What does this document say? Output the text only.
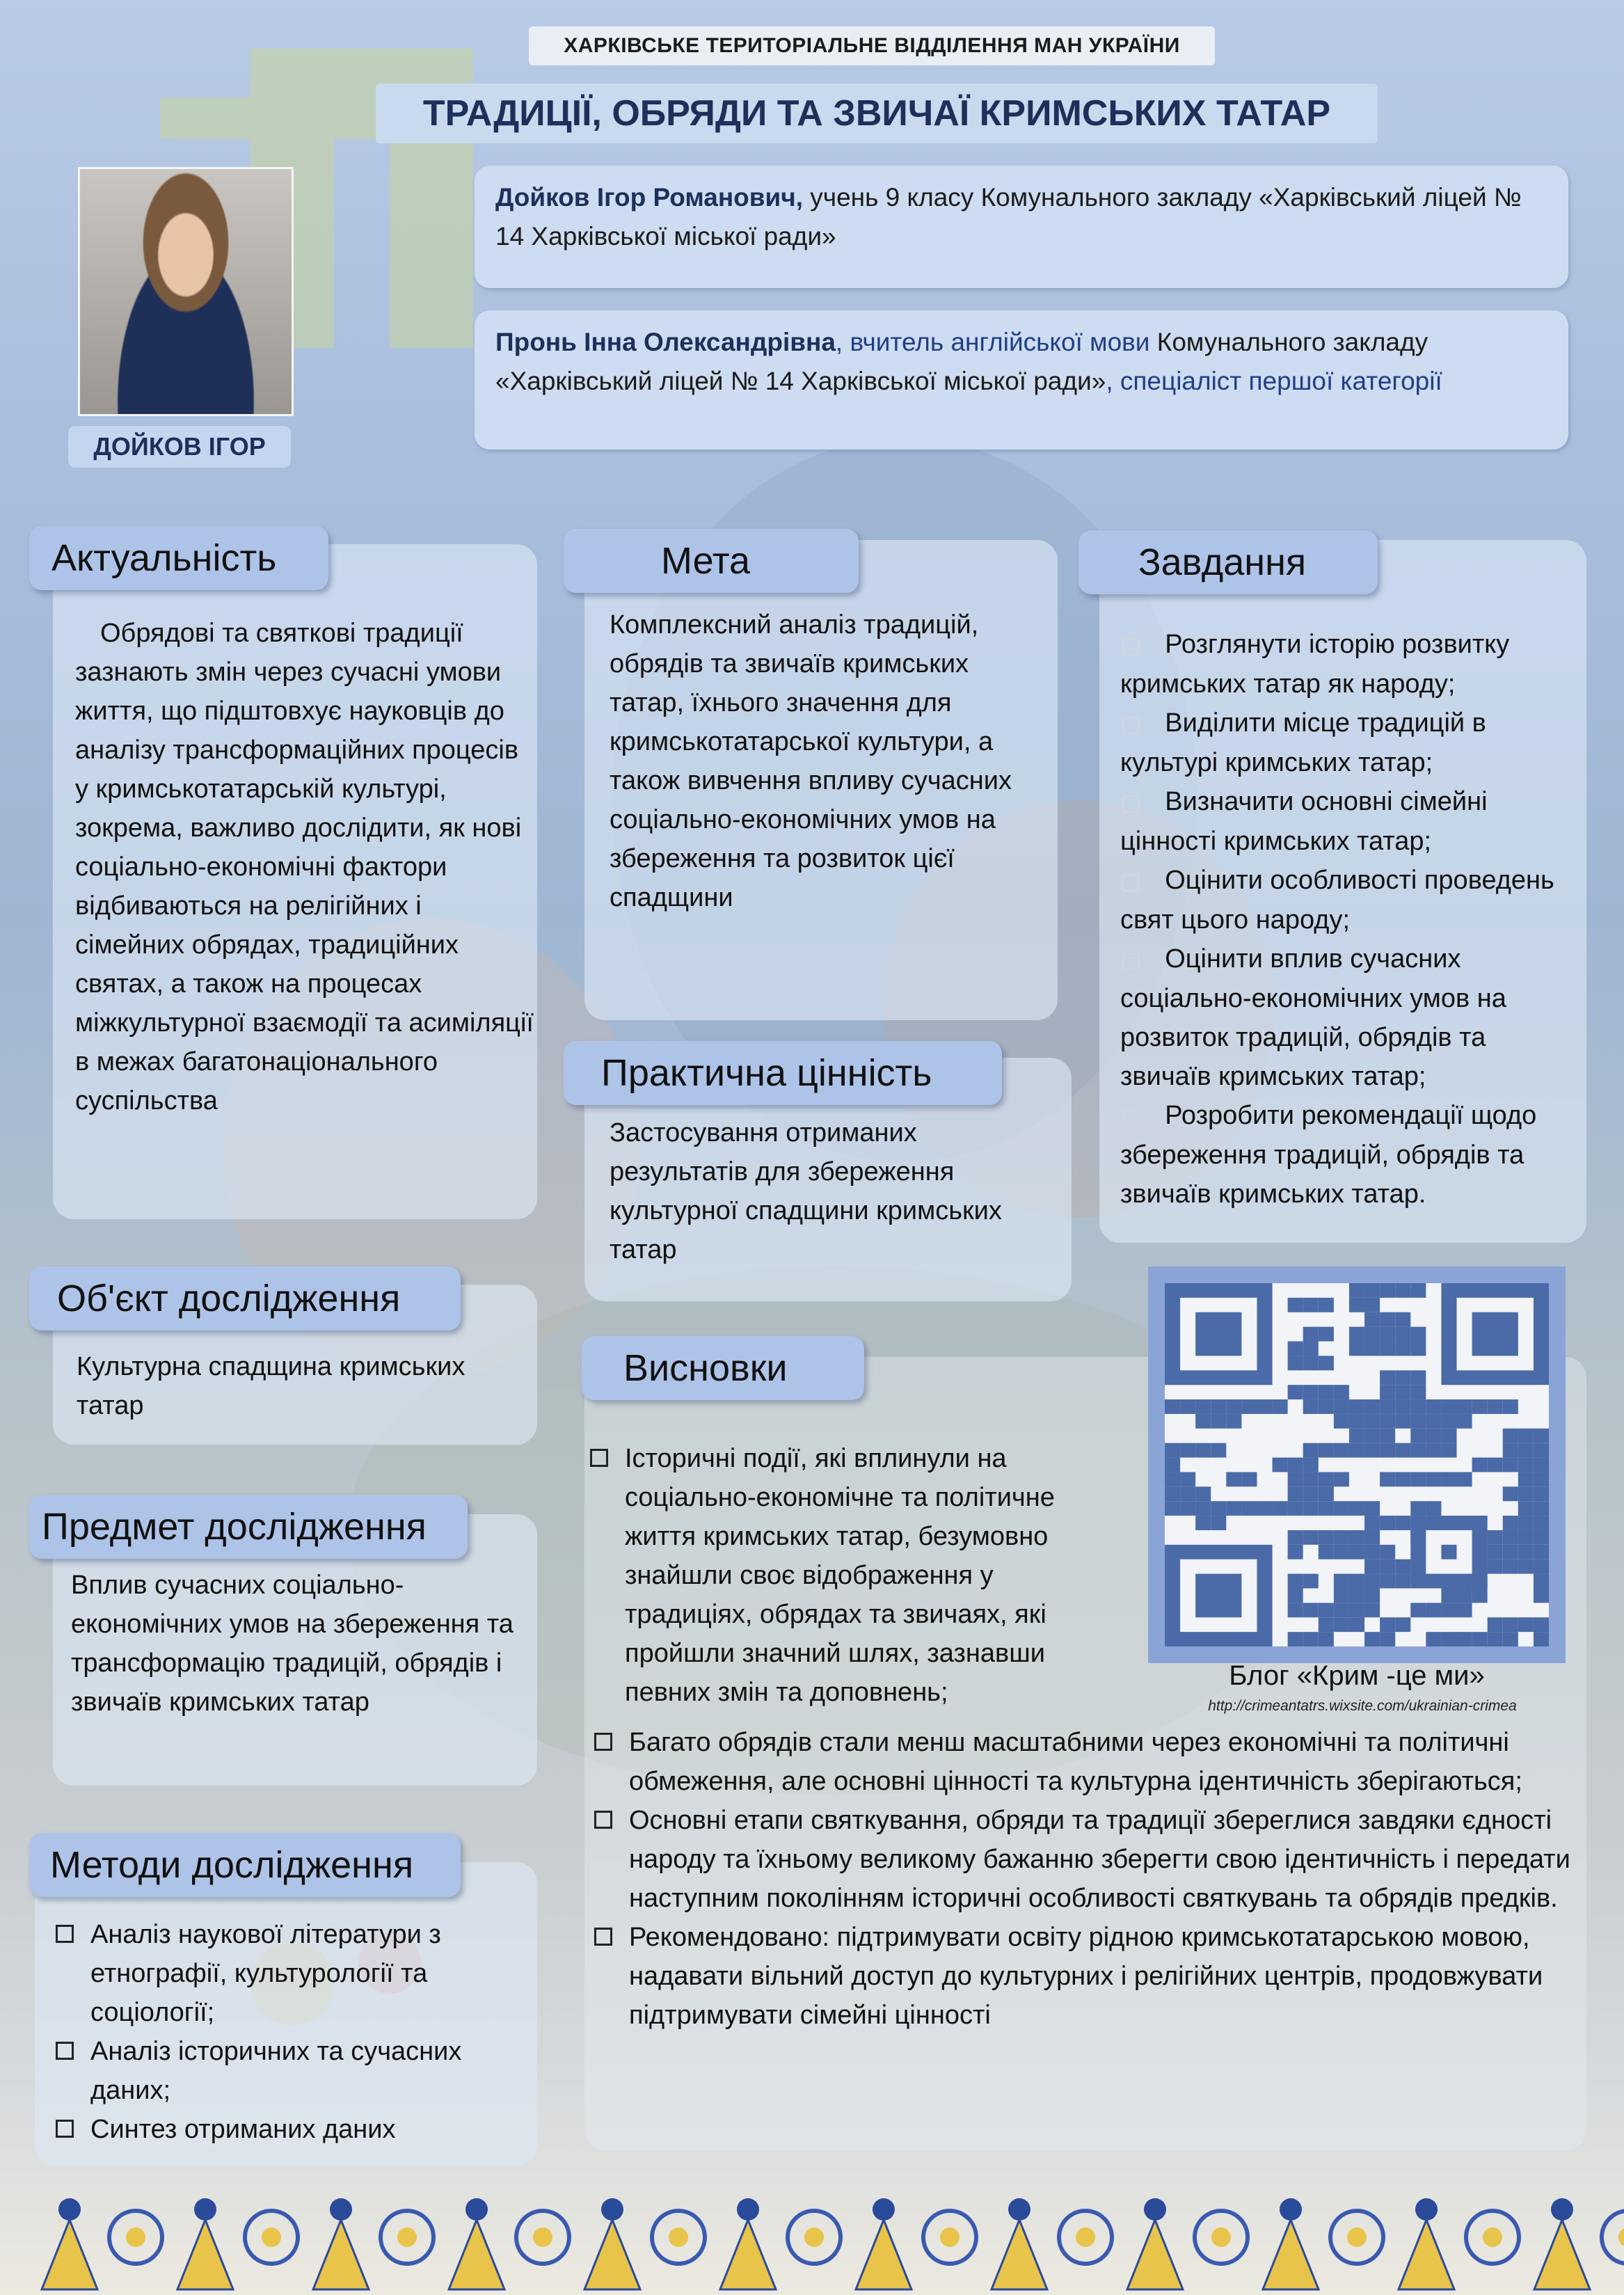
ХАРКІВСЬКЕ ТЕРИТОРІАЛЬНЕ ВІДДІЛЕННЯ МАН УКРАЇНИ
ТРАДИЦІЇ, ОБРЯДИ ТА ЗВИЧАЇ КРИМСЬКИХ ТАТАР
ДОЙКОВ ІГОР
Дойков Ігор Романович, учень 9 класу Комунального закладу «Харківський ліцей № 14 Харківської міської ради»
Пронь Інна Олександрівна, вчитель англійської мови Комунального закладу «Харківський ліцей № 14 Харківської міської ради», спеціаліст першої категорії
Актуальність
Обрядові та святкові традиції зазнають змін через сучасні умови життя, що підштовхує науковців до аналізу трансформаційних процесів у кримськотатарській культурі, зокрема, важливо дослідити, як нові соціально-економічні фактори відбиваються на релігійних і сімейних обрядах, традиційних святах, а також на процесах міжкультурної взаємодії та асиміляції в межах багатонаціонального суспільства
Мета
Комплексний аналіз традицій, обрядів та звичаїв кримських татар, їхнього значення для кримськотатарської культури, а також вивчення впливу сучасних соціально-економічних умов на збереження та розвиток цієї спадщини
Завдання
▢ Розглянути історію розвитку кримських татар як народу;
▢ Виділити місце традицій в культурі кримських татар;
▢ Визначити основні сімейні цінності кримських татар;
▢ Оцінити особливості проведень свят цього народу;
▢ Оцінити вплив сучасних соціально-економічних умов на розвиток традицій, обрядів та звичаїв кримських татар;
▢ Розробити рекомендації щодо збереження традицій, обрядів та звичаїв кримських татар.
Практична цінність
Застосування отриманих результатів для збереження культурної спадщини кримських татар
Об'єкт дослідження
Культурна спадщина кримських татар
Предмет дослідження
Вплив сучасних соціально-економічних умов на збереження та трансформацію традицій, обрядів і звичаїв кримських татар
Методи дослідження
Аналіз наукової літератури з етнографії, культурології та соціології;
Аналіз історичних та сучасних даних;
Синтез отриманих даних
Висновки
Історичні події, які вплинули на соціально-економічне та політичне життя кримських татар, безумовно знайшли своє відображення у традиціях, обрядах та звичаях, які пройшли значний шлях, зазнавши певних змін та доповнень;
Багато обрядів стали менш масштабними через економічні та політичні обмеження, але основні цінності та культурна ідентичність зберігаються;
Основні етапи святкування, обряди та традиції збереглися завдяки єдності народу та їхньому великому бажанню зберегти свою ідентичність і передати наступним поколінням історичні особливості святкувань та обрядів предків.
Рекомендовано: підтримувати освіту рідною кримськотатарською мовою, надавати вільний доступ до культурних і релігійних центрів, продовжувати підтримувати сімейні цінності
Блог «Крим -це ми»
http://crimeantatrs.wixsite.com/ukrainian-crimea
